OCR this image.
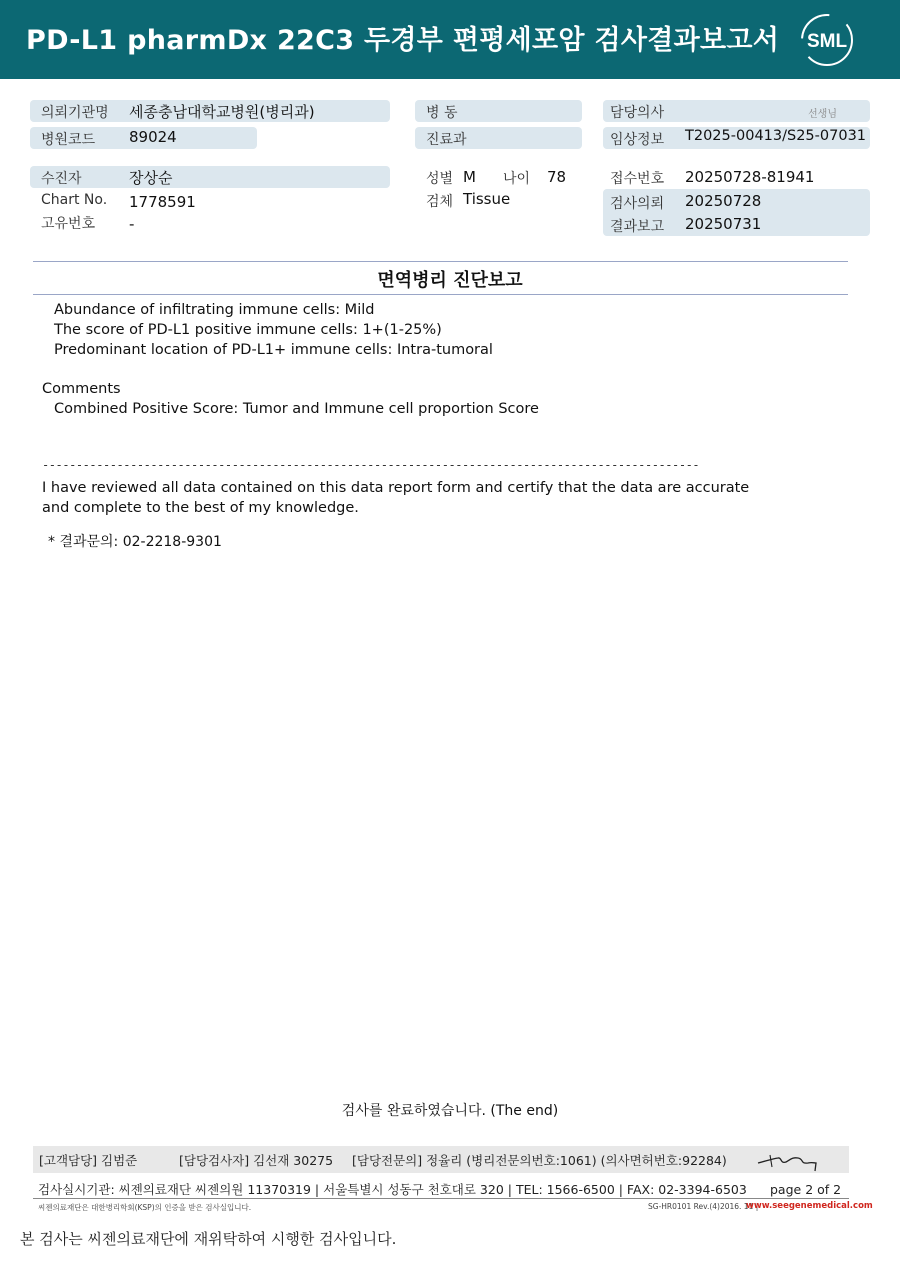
PD-L1 pharmDx 22C3 두경부 편평세포암 검사결과보고서 SML
의뢰기관명 세종충남대학교병원(병리과)
병원코드 89024
수진자	장상순
Chart No. 1778591
고유번호 -
병 동
진료과
성별 M 나이 78
검체 Tissue
담당의사	선생님
임상정보 T2025-00413/S25-07031
접수번호 20250728-81941
검사의뢰 20250728
결과보고 20250731
면역병리 진단보고
Abundance of infiltrating immune cells: Mild
The score of PD-L1 positive immune cells: 1+(1-25%)
Predominant location of PD-L1+ immune cells: Intra-tumoral
Comments
Combined Positive Score: Tumor and Immune cell proportion Score
-------------------------------------------------------------------------------------------------
I have reviewed all data contained on this data report form and certify that the data are accurate
and complete to the best of my knowledge.
* 결과문의: 02-2218-9301
검사를 완료하였습니다. (The end)
[고객담당] 김범준	[담당검사자] 김선재 30275 [담당전문의] 정율리 (병리전문의번호:1061) (의사면허번호:92284)
검사실시기관: 씨젠의료재단 씨젠의원 11370319 | 서울특별시 성동구 천호대로 320 | TEL: 1566-6500 | FAX: 02-3394-6503 page 2 of 2
씨젠의료재단은 대한병리학회(KSP)의 인증을 받은 검사실입니다.	SG-HR0101 Rev.(4)2016. 11 |
www.seegenemedical.com
본 검사는 씨젠의료재단에 재위탁하여 시행한 검사입니다.
